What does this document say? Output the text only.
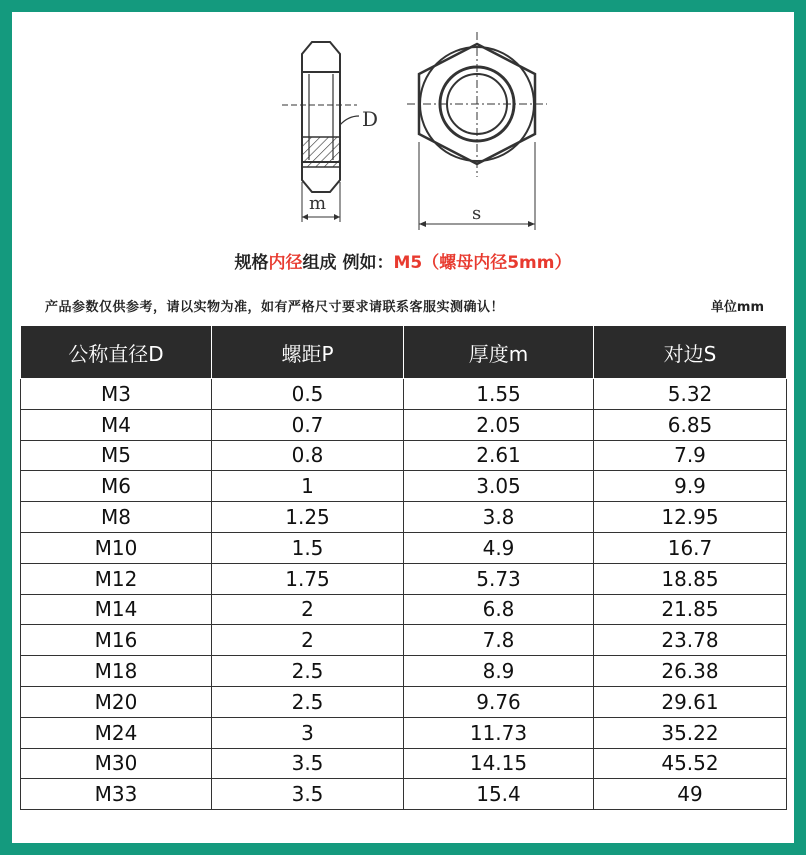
D
m	s
规格内径组成 例如：M5（螺母内径5mm）
产品参数仅供参考，请以实物为准，如有严格尺寸要求请联系客服实测确认！	单位mm
公称直径D	螺距P	厚度m	对边S
M3	0.5	1.55	5.32
M4	0.7	2.05	6.85
M5	0.8	2.61	7.9
M6	1	3.05	9.9
M8	1.25	3.8	12.95
M10	1.5	4.9	16.7
M12	1.75	5.73	18.85
M14	2	6.8	21.85
M16	2	7.8	23.78
M18	2.5	8.9	26.38
M20	2.5	9.76	29.61
M24	3	11.73	35.22
M30	3.5	14.15	45.52
M33	3.5	15.4	49
